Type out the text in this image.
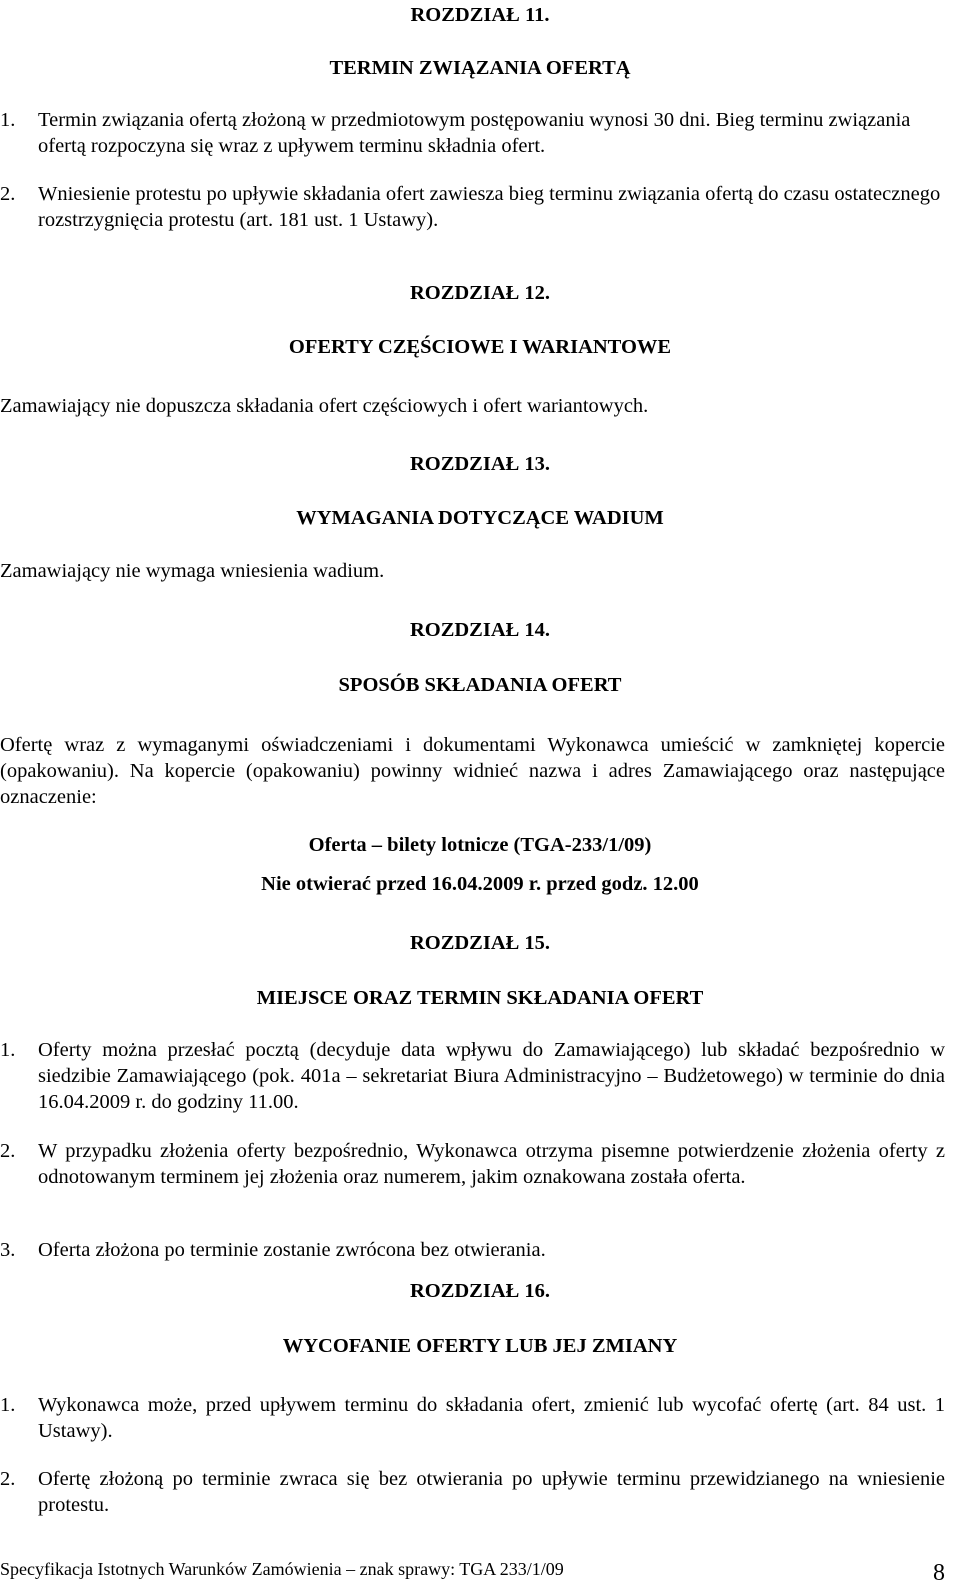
ROZDZIAŁ 11.
TERMIN ZWIĄZANIA OFERTĄ
1.	Termin związania ofertą złożoną w przedmiotowym postępowaniu wynosi 30 dni. Bieg terminu związania ofertą rozpoczyna się wraz z upływem terminu składnia ofert.
2.	Wniesienie protestu po upływie składania ofert zawiesza bieg terminu związania ofertą do czasu ostatecznego rozstrzygnięcia protestu (art. 181 ust. 1 Ustawy).
ROZDZIAŁ 12.
OFERTY CZĘŚCIOWE I WARIANTOWE
Zamawiający nie dopuszcza składania ofert częściowych i ofert wariantowych.
ROZDZIAŁ 13.
WYMAGANIA DOTYCZĄCE WADIUM
Zamawiający nie wymaga wniesienia wadium.
ROZDZIAŁ 14.
SPOSÓB SKŁADANIA OFERT
Ofertę wraz z wymaganymi oświadczeniami i dokumentami Wykonawca umieścić w zamkniętej kopercie (opakowaniu). Na kopercie (opakowaniu) powinny widnieć nazwa i adres Zamawiającego oraz następujące oznaczenie:
Oferta – bilety lotnicze (TGA-233/1/09)
Nie otwierać przed 16.04.2009 r. przed godz. 12.00
ROZDZIAŁ 15.
MIEJSCE ORAZ TERMIN SKŁADANIA OFERT
1.	Oferty można przesłać pocztą (decyduje data wpływu do Zamawiającego) lub składać bezpośrednio w siedzibie Zamawiającego (pok. 401a – sekretariat Biura Administracyjno – Budżetowego) w terminie do dnia 16.04.2009 r. do godziny 11.00.
2.	W przypadku złożenia oferty bezpośrednio, Wykonawca otrzyma pisemne potwierdzenie złożenia oferty z odnotowanym terminem jej złożenia oraz numerem, jakim oznakowana została oferta.
3.	Oferta złożona po terminie zostanie zwrócona bez otwierania.
ROZDZIAŁ 16.
WYCOFANIE OFERTY LUB JEJ ZMIANY
1.	Wykonawca może, przed upływem terminu do składania ofert, zmienić lub wycofać ofertę (art. 84 ust. 1 Ustawy).
2.	Ofertę złożoną po terminie zwraca się bez otwierania po upływie terminu przewidzianego na wniesienie protestu.
Specyfikacja Istotnych Warunków Zamówienia – znak sprawy: TGA 233/1/09	8
